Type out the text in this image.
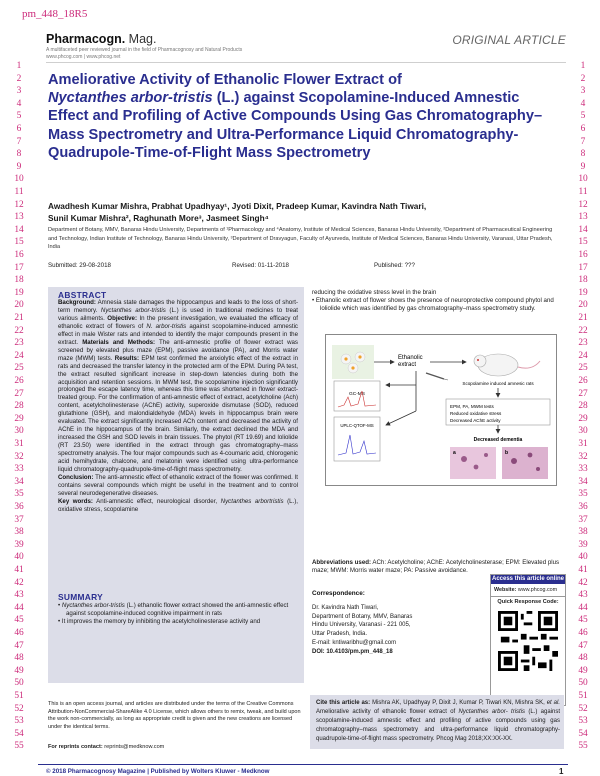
pm_448_18R5
Pharmacogn. Mag.
A multifaceted peer reviewed journal in the field of Pharmacognosy and Natural Products
www.phcog.com | www.phcog.net
ORIGINAL ARTICLE
1
2
3
4
5
6
7
8
9
10
11
12
13
14
15
16
17
18
19
20
21
22
23
24
25
26
27
28
29
30
31
32
33
34
35
36
37
38
39
40
41
42
43
44
45
46
47
48
49
50
51
52
53
54
55
1
2
3
4
5
6
7
8
9
10
11
12
13
14
15
16
17
18
19
20
21
22
23
24
25
26
27
28
29
30
31
32
33
34
35
36
37
38
39
40
41
42
43
44
45
46
47
48
49
50
51
52
53
54
55
Ameliorative Activity of Ethanolic Flower Extract of
Nyctanthes arbor-tristis (L.) against Scopolamine-Induced Amnestic Effect and Profiling of Active Compounds Using Gas Chromatography–Mass Spectrometry and Ultra-Performance Liquid Chromatography-Quadrupole-Time-of-Flight Mass Spectrometry
Awadhesh Kumar Mishra, Prabhat Upadhyay¹, Jyoti Dixit, Pradeep Kumar, Kavindra Nath Tiwari,
Sunil Kumar Mishra², Raghunath More³, Jasmeet Singh⁴
Department of Botany, MMV, Banaras Hindu University, Departments of ¹Pharmacology and ⁴Anatomy, Institute of Medical Sciences, Banaras Hindu University, ²Department of Pharmaceutical Engineering and Technology, Indian Institute of Technology, Banaras Hindu University, ³Department of Dravyagun, Faculty of Ayurveda, Institute of Medical Sciences, Banaras Hindu University, Varanasi, Uttar Pradesh, India
Submitted: 29-08-2018	Revised: 01-11-2018	Published: ???
ABSTRACT
Background: Amnesia state damages the hippocampus and leads to the loss of short-term memory. Nyctanthes arbor-tristis (L.) is used in traditional medicines to treat various ailments. Objective: In the present investigation, we evaluated the efficacy of ethanolic extract of flowers of N. arbor-tristis against scopolamine-induced amnestic effect in male Wister rats and intended to identify the major compounds present in the extract. Materials and Methods: The anti-amnestic profile of flower extract was screened by elevated plus maze (EPM), passive avoidance (PA), and Morris water maze (MWM) tests. Results: EPM test confirmed the anxiolytic effect of the extract in rats and decreased the transfer latency in the protected arm of the EPM. During PA test, the extract resulted significant increase in step-down latencies during both the acquisition and retention sessions. In MWM test, the scopolamine injection significantly prolonged the escape latency time, whereas this time was shortened in flower extract-treated group. For the confirmation of anti-amnestic effect of extract, acetylcholine (Ach) content, acetylcholinesterase (AChE) activity, superoxide dismutase (SOD), reduced glutathione (GSH), and malondialdehyde (MDA) levels in hippocampus brain were evaluated. The extract significantly increased ACh content and decreased the activity of AChE in the hippocampus of the brain. Similarly, the extract declined the MDA and increased the GSH and SOD levels in brain tissues. The phytol (RT 19.69) and loliolide (RT 23.50) were identified in the extract through gas chromatography–mass spectrometry analysis. The four major compounds such as 4-coumaric acid, chlorogenic acid hemihydrate, chalcone, and melatonin were identified using ultra-performance liquid chromatography-quadrupole-time-of-flight mass spectrometry.
Conclusion: The anti-amnestic effect of ethanolic extract of the flower was confirmed. It contains several compounds which might be useful in the treatment and to control several neurodegenerative diseases.
Key words: Anti-amnestic effect, neurological disorder, Nyctanthes arbortristis (L.), oxidative stress, scopolamine
SUMMARY
• Nyctanthes arbor-tristis (L.) ethanolic flower extract showed the anti-amnestic effect against scopolamine-induced cognitive impairment in rats
• It improves the memory by inhibiting the acetylcholinesterase activity and
reducing the oxidative stress level in the brain
• Ethanolic extract of flower shows the presence of neuroprotective compound phytol and loliolide which was identified by gas chromatography–mass spectrometry study.
Ethanolic
extract
GC-MS
UPLC-QTOF-MS
Scopolamine induced amnesic rats
EPM, PA, MWM tests
Reduced oxidative stress
Decreased AChE activity
Decreased dementia
a	b
Abbreviations used: ACh: Acetylcholine; AChE: Acetylcholinesterase; EPM: Elevated plus maze; MWM: Morris water maze; PA: Passive avoidance.
Correspondence:
Dr. Kavindra Nath Tiwari,
Department of Botany, MMV, Banaras
Hindu University, Varanasi - 221 005,
Uttar Pradesh, India.
E-mail: kntiwaribhu@gmail.com
DOI: 10.4103/pm.pm_448_18
Access this article online
Website: www.phcog.com
Quick Response Code:
This is an open access journal, and articles are distributed under the terms of the Creative Commons Attribution-NonCommercial-ShareAlike 4.0 License, which allows others to remix, tweak, and build upon the work non-commercially, as long as appropriate credit is given and the new creations are licensed under the identical terms.
For reprints contact: reprints@medknow.com
Cite this article as: Mishra AK, Upadhyay P, Dixit J, Kumar P, Tiwari KN, Mishra SK, et al. Ameliorative activity of ethanolic flower extract of Nyctanthes arbor- tristis (L.) against scopolamine-induced amnestic effect and profiling of active compounds using gas chromatography–mass spectrometry and ultra-performance liquid chromatography-quadrupole-time-of-flight mass spectrometry. Phcog Mag 2018;XX:XX-XX.
© 2018 Pharmacognosy Magazine | Published by Wolters Kluwer - Medknow	1
